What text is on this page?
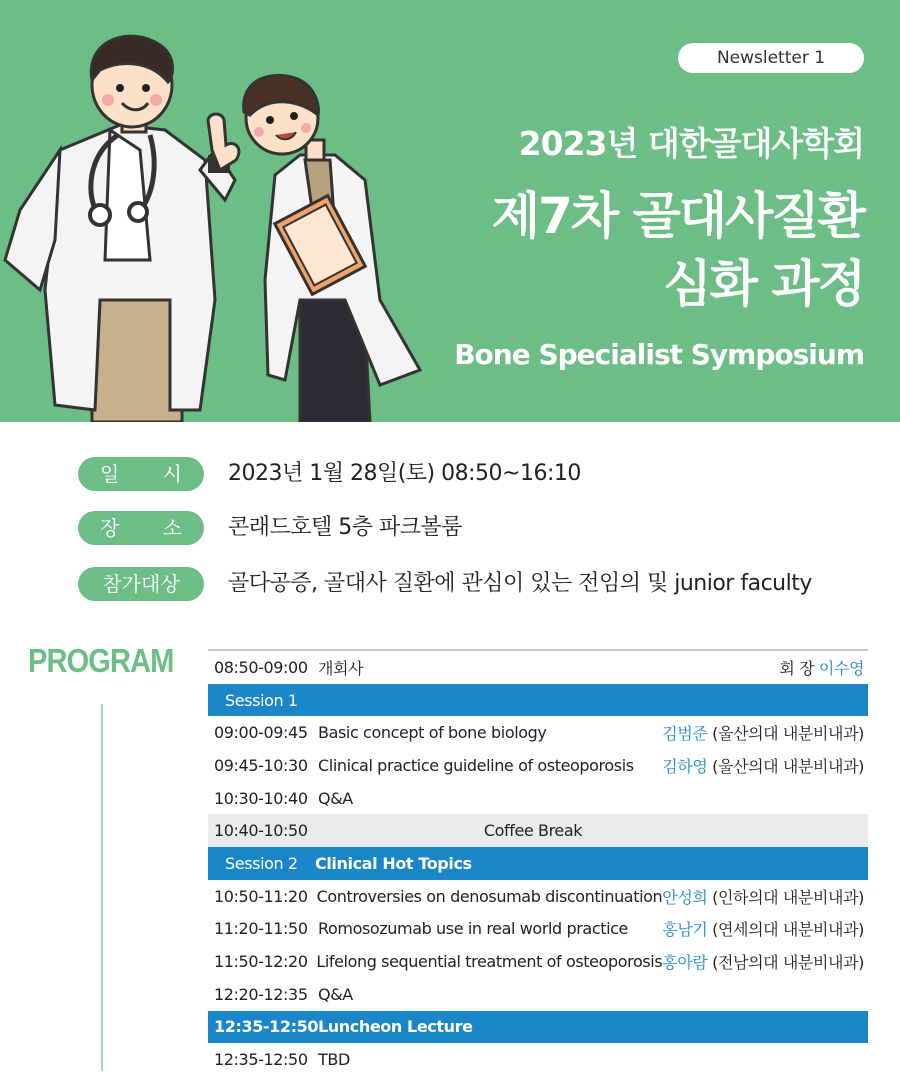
Newsletter 1
2023년 대한골대사학회
제7차 골대사질환
심화 과정
Bone Specialist Symposium
일 시 2023년 1월 28일(토) 08:50~16:10
장 소 콘래드호텔 5층 파크볼룸
참가대상	골다공증, 골대사 질환에 관심이 있는 전임의 및 junior faculty
PROGRAM	08:50-09:00 개회사	회 장 이수영
Session 1
09:00-09:45 Basic concept of bone biology	김범준 (울산의대 내분비내과)
09:45-10:30 Clinical practice guideline of osteoporosis	김하영 (울산의대 내분비내과)
10:30-10:40 Q&A
10:40-10:50	Coffee Break
Session 2	Clinical Hot Topics
10:50-11:20 Controversies on denosumab discontinuation 안성희 (인하의대 내분비내과)
11:20-11:50 Romosozumab use in real world practice	홍남기 (연세의대 내분비내과)
11:50-12:20 Lifelong sequential treatment of osteoporosis 홍아람 (전남의대 내분비내과)
12:20-12:35 Q&A
12:35-12:50 Luncheon Lecture
12:35-12:50 TBD
